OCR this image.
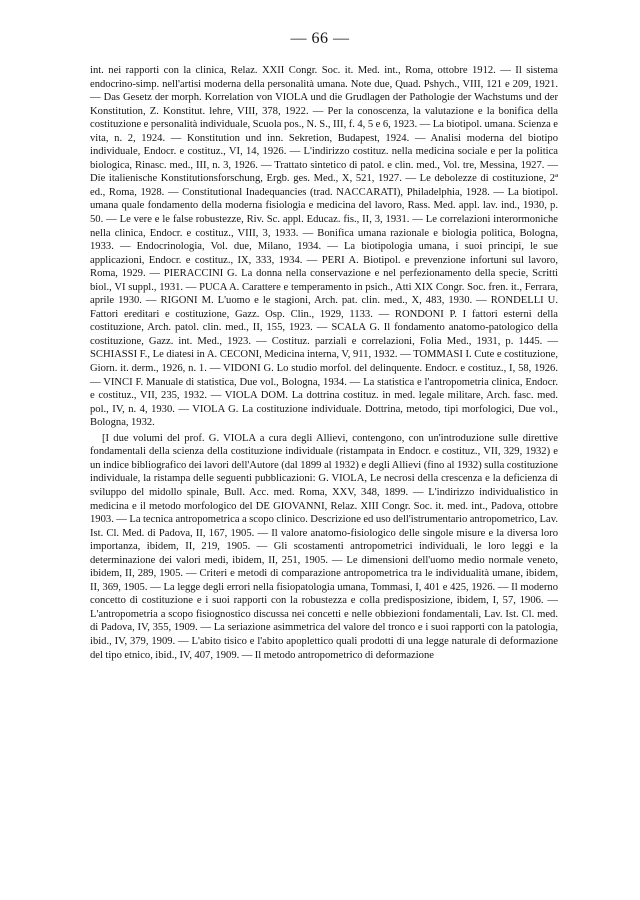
— 66 —

int. nei rapporti con la clinica, Relaz. XXII Congr. Soc. it. Med. int., Roma, ottobre 1912. — Il sistema endocrino-simp. nell'artisi moderna della personalità umana. Note due, Quad. Pshych., VIII, 121 e 209, 1921. — Das Gesetz der morph. Korrelation von VIOLA und die Grudlagen der Pathologie der Wachstums und der Konstitution, Z. Konstitut. lehre, VIII, 378, 1922. — Per la conoscenza, la valutazione e la bonifica della costituzione e personalità individuale, Scuola pos., N. S., III, f. 4, 5 e 6, 1923. — La biotipol. umana. Scienza e vita, n. 2, 1924. — Konstitution und inn. Sekretion, Budapest, 1924. — Analisi moderna del biotipo individuale, Endocr. e costituz., VI, 14, 1926. — L'indirizzo costituz. nella medicina sociale e per la politica biologica, Rinasc. med., III, n. 3, 1926. — Trattato sintetico di patol. e clin. med., Vol. tre, Messina, 1927. — Die italienische Konstitutionsforschung, Ergb. ges. Med., X, 521, 1927. — Le debolezze di costituzione, 2ª ed., Roma, 1928. — Constitutional Inadequancies (trad. NACCARATI), Philadelphia, 1928. — La biotipol. umana quale fondamento della moderna fisiologia e medicina del lavoro, Rass. Med. appl. lav. ind., 1930, p. 50. — Le vere e le false robustezze, Riv. Sc. appl. Educaz. fis., II, 3, 1931. — Le correlazioni interormoniche nella clinica, Endocr. e costituz., VIII, 3, 1933. — Bonifica umana razionale e biologia politica, Bologna, 1933. — Endocrinologia, Vol. due, Milano, 1934. — La biotipologia umana, i suoi principi, le sue applicazioni, Endocr. e costituz., IX, 333, 1934. — PERI A. Biotipol. e prevenzione infortuni sul lavoro, Roma, 1929. — PIERACCINI G. La donna nella conservazione e nel perfezionamento della specie, Scritti biol., VI suppl., 1931. — PUCA A. Carattere e temperamento in psich., Atti XIX Congr. Soc. fren. it., Ferrara, aprile 1930. — RIGONI M. L'uomo e le stagioni, Arch. pat. clin. med., X, 483, 1930. — RONDELLI U. Fattori ereditari e costituzione, Gazz. Osp. Clin., 1929, 1133. — RONDONI P. I fattori esterni della costituzione, Arch. patol. clin. med., II, 155, 1923. — SCALA G. Il fondamento anatomo-patologico della costituzione, Gazz. int. Med., 1923. — Costituz. parziali e correlazioni, Folia Med., 1931, p. 1445. — SCHIASSI F., Le diatesi in A. CECONI, Medicina interna, V, 911, 1932. — TOMMASI I. Cute e costituzione, Giorn. it. derm., 1926, n. 1. — VIDONI G. Lo studio morfol. del delinquente. Endocr. e costituz., I, 58, 1926. — VINCI F. Manuale di statistica, Due vol., Bologna, 1934. — La statistica e l'antropometria clinica, Endocr. e costituz., VII, 235, 1932. — VIOLA DOM. La dottrina costituz. in med. legale militare, Arch. fasc. med. pol., IV, n. 4, 1930. — VIOLA G. La costituzione individuale. Dottrina, metodo, tipi morfologici, Due vol., Bologna, 1932.

[I due volumi del prof. G. VIOLA a cura degli Allievi, contengono, con un'introduzione sulle direttive fondamentali della scienza della costituzione individuale (ristampata in Endocr. e costituz., VII, 329, 1932) e un indice bibliografico dei lavori dell'Autore (dal 1899 al 1932) e degli Allievi (fino al 1932) sulla costituzione individuale, la ristampa delle seguenti pubblicazioni: G. VIOLA, Le necrosi della crescenza e la deficienza di sviluppo del midollo spinale, Bull. Acc. med. Roma, XXV, 348, 1899. — L'indirizzo individualistico in medicina e il metodo morfologico del DE GIOVANNI, Relaz. XIII Congr. Soc. it. med. int., Padova, ottobre 1903. — La tecnica antropometrica a scopo clinico. Descrizione ed uso dell'istrumentario antropometrico, Lav. Ist. Cl. Med. di Padova, II, 167, 1905. — Il valore anatomo-fisiologico delle singole misure e la diversa loro importanza, ibidem, II, 219, 1905. — Gli scostamenti antropometrici individuali, le loro leggi e la determinazione dei valori medi, ibidem, II, 251, 1905. — Le dimensioni dell'uomo medio normale veneto, ibidem, II, 289, 1905. — Criteri e metodi di comparazione antropometrica tra le individualità umane, ibidem, II, 369, 1905. — La legge degli errori nella fisiopatologia umana, Tommasi, I, 401 e 425, 1926. — Il moderno concetto di costituzione e i suoi rapporti con la robustezza e colla predisposizione, ibidem, I, 57, 1906. — L'antropometria a scopo fisiognostico discussa nei concetti e nelle obbiezioni fondamentali, Lav. Ist. Cl. med. di Padova, IV, 355, 1909. — La seriazione asimmetrica del valore del tronco e i suoi rapporti con la patologia, ibid., IV, 379, 1909. — L'abito tisico e l'abito apoplettico quali prodotti di una legge naturale di deformazione del tipo etnico, ibid., IV, 407, 1909. — Il metodo antropometrico di deformazione
